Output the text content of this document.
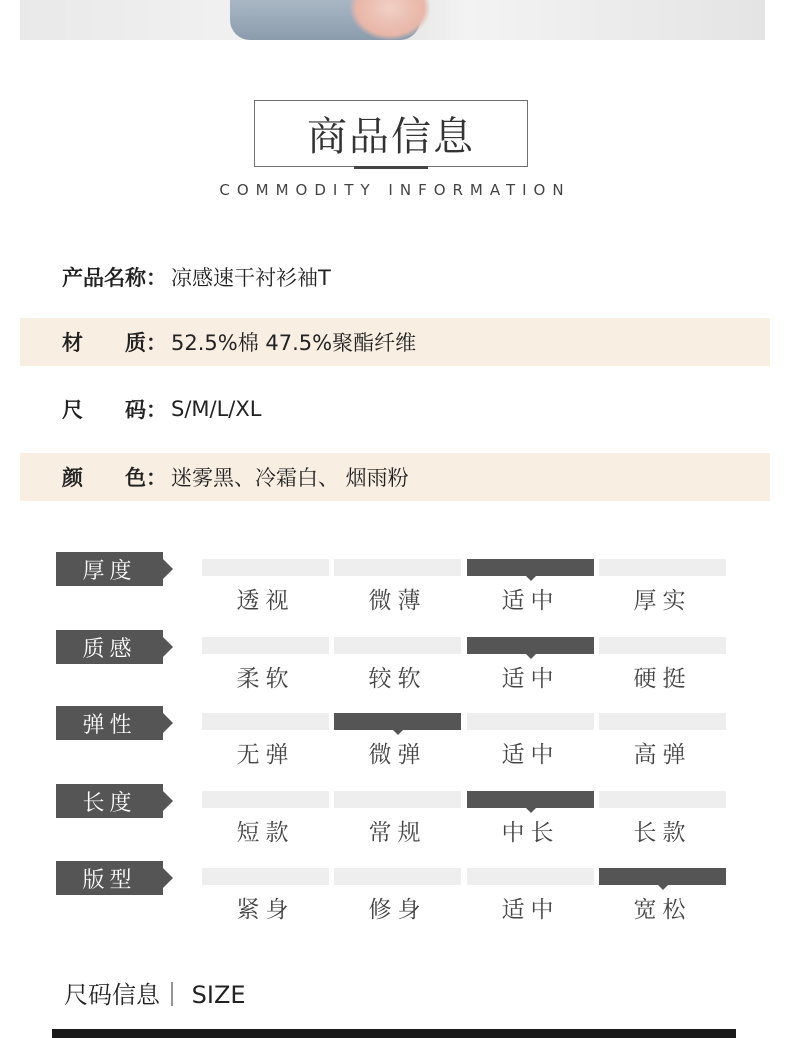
商品信息
COMMODITY INFORMATION
产品名称： 凉感速干衬衫袖T
材　　质： 52.5%棉 47.5%聚酯纤维
尺　　码： S/M/L/XL
颜　　色： 迷雾黑、冷霜白、 烟雨粉
厚度
透视	微薄	适中	厚实
质感
柔软	较软	适中	硬挺
弹性
无弹	微弹	适中	高弹
长度
短款	常规	中长	长款
版型
紧身	修身	适中	宽松
尺码信息｜ SIZE
